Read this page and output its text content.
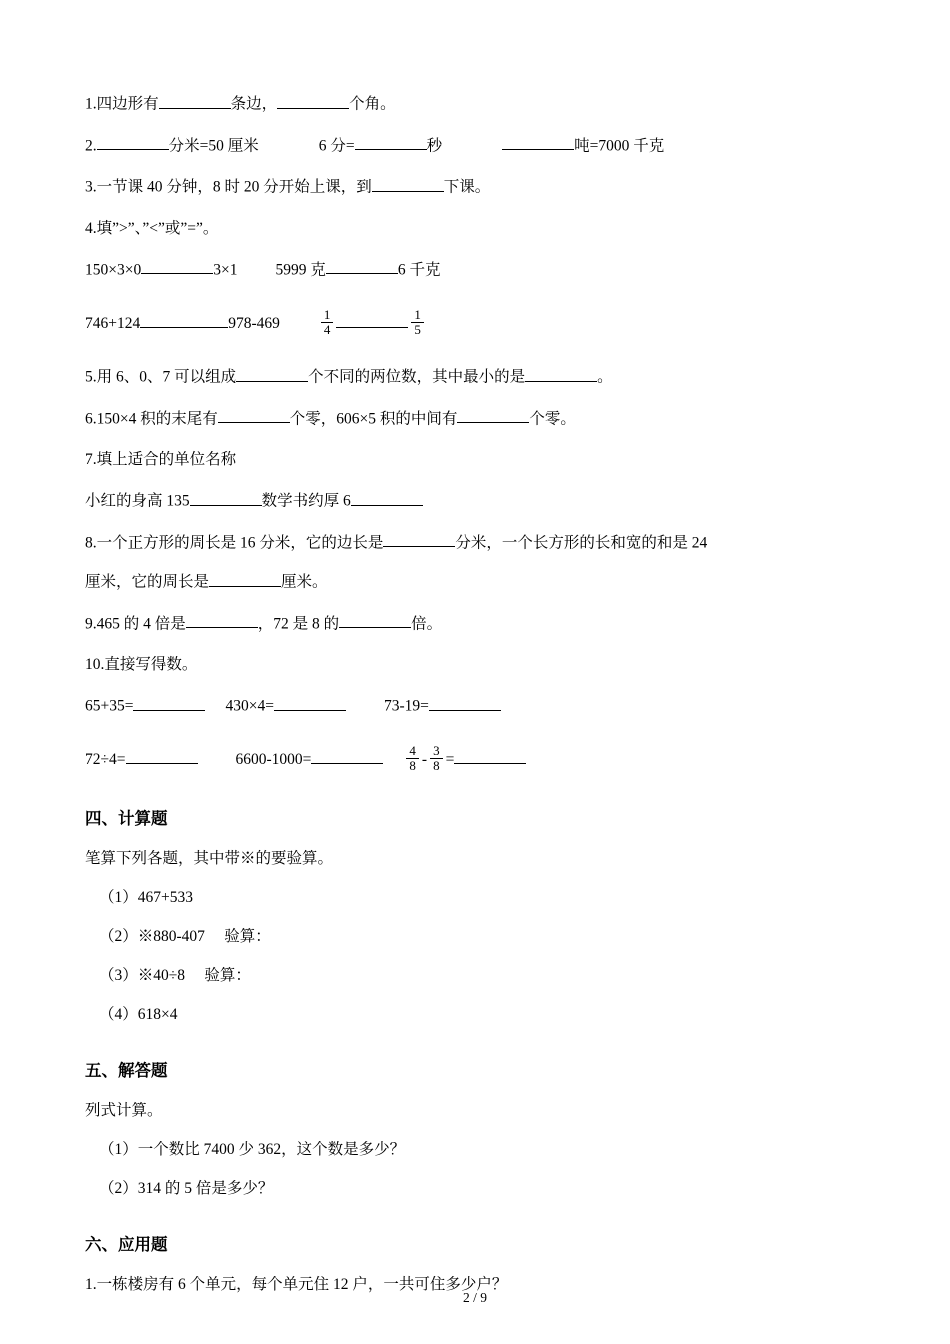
1.四边形有	条边，	个角。

2.	分米=50 厘米	6 分=	秒	吨=7000 千克

3.一节课 40 分钟，8 时 20 分开始上课，到	下课。

4.填”>”、”<”或”=”。

150×3×0	3×1 5999 克	6 千克

746+124	978-469	$\frac{1}{4}$	$\frac{1}{5}$

5.用 6、0、7 可以组成	个不同的两位数，其中最小的是	。

6.150×4 积的末尾有	个零，606×5 积的中间有	个零。

7.填上适合的单位名称

小红的身高 135	数学书约厚 6

8.一个正方形的周长是 16 分米，它的边长是	分米，一个长方形的长和宽的和是 24

厘米，它的周长是	厘米。

9.465 的 4 倍是	，72 是 8 的	倍。

10.直接写得数。

65+35=	430×4=	73-19=

72÷4=	6600-1000=	$\frac{4}{8} - \frac{3}{8}$ =

四、计算题

笔算下列各题，其中带※的要验算。

（1）467+533

（2）※880-407　 验算：

（3）※40÷8　 验算：

（4）618×4

五、解答题

列式计算。

（1）一个数比 7400 少 362，这个数是多少？

（2）314 的 5 倍是多少？

六、应用题

1.一栋楼房有 6 个单元，每个单元住 12 户，一共可住多少户？

2 / 9
